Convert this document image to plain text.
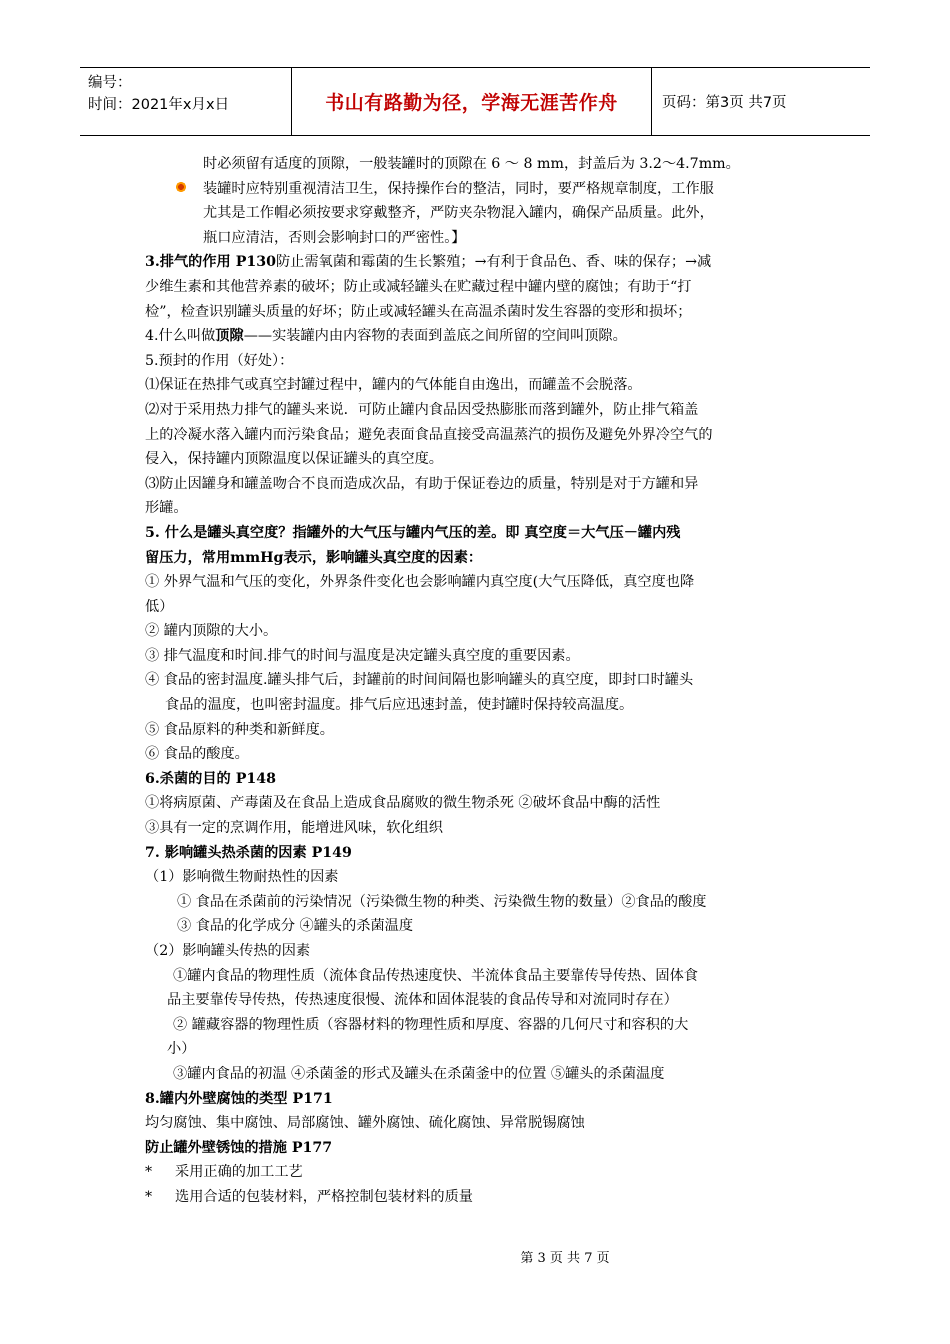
编号：
时间：2021年x月x日	书山有路勤为径，学海无涯苦作舟	页码：第3页 共7页
时必须留有适度的顶隙，一般装罐时的顶隙在 6 ～ 8 mm，封盖后为 3.2～4.7mm。
装罐时应特别重视清洁卫生，保持操作台的整洁，同时，要严格规章制度，工作服
尤其是工作帽必须按要求穿戴整齐，严防夹杂物混入罐内，确保产品质量。此外，
瓶口应清洁，否则会影响封口的严密性。】
3.排气的作用 P130防止需氧菌和霉菌的生长繁殖；→有利于食品色、香、味的保存；→减
少维生素和其他营养素的破坏；防止或减轻罐头在贮藏过程中罐内壁的腐蚀；有助于“打
检”，检查识别罐头质量的好坏；防止或减轻罐头在高温杀菌时发生容器的变形和损坏；
4.什么叫做顶隙——实装罐内由内容物的表面到盖底之间所留的空间叫顶隙。
5.预封的作用（好处）：
⑴保证在热排气或真空封罐过程中，罐内的气体能自由逸出，而罐盖不会脱落。
⑵对于采用热力排气的罐头来说．可防止罐内食品因受热膨胀而落到罐外，防止排气箱盖
上的冷凝水落入罐内而污染食品；避免表面食品直接受高温蒸汽的损伤及避免外界冷空气的
侵入，保持罐内顶隙温度以保证罐头的真空度。
⑶防止因罐身和罐盖吻合不良而造成次品，有助于保证卷边的质量，特别是对于方罐和异
形罐。
5. 什么是罐头真空度？指罐外的大气压与罐内气压的差。即 真空度＝大气压－罐内残
留压力，常用mmHg表示，影响罐头真空度的因素：
① 外界气温和气压的变化，外界条件变化也会影响罐内真空度(大气压降低，真空度也降
低）
② 罐内顶隙的大小。
③ 排气温度和时间.排气的时间与温度是决定罐头真空度的重要因素。
④ 食品的密封温度.罐头排气后，封罐前的时间间隔也影响罐头的真空度，即封口时罐头
食品的温度，也叫密封温度。排气后应迅速封盖，使封罐时保持较高温度。
⑤ 食品原料的种类和新鲜度。
⑥ 食品的酸度。
6.杀菌的目的 P148
①将病原菌、产毒菌及在食品上造成食品腐败的微生物杀死 ②破坏食品中酶的活性
③具有一定的烹调作用，能增进风味，软化组织
7. 影响罐头热杀菌的因素 P149
（1）影响微生物耐热性的因素
① 食品在杀菌前的污染情况（污染微生物的种类、污染微生物的数量）②食品的酸度
③ 食品的化学成分 ④罐头的杀菌温度
（2）影响罐头传热的因素
①罐内食品的物理性质（流体食品传热速度快、半流体食品主要靠传导传热、固体食
品主要靠传导传热，传热速度很慢、流体和固体混装的食品传导和对流同时存在）
② 罐藏容器的物理性质（容器材料的物理性质和厚度、容器的几何尺寸和容积的大
小）
③罐内食品的初温 ④杀菌釜的形式及罐头在杀菌釜中的位置 ⑤罐头的杀菌温度
8.罐内外壁腐蚀的类型 P171
均匀腐蚀、集中腐蚀、局部腐蚀、罐外腐蚀、硫化腐蚀、异常脱锡腐蚀
防止罐外壁锈蚀的措施 P177
* 采用正确的加工工艺
* 选用合适的包装材料，严格控制包装材料的质量
第 3 页 共 7 页
